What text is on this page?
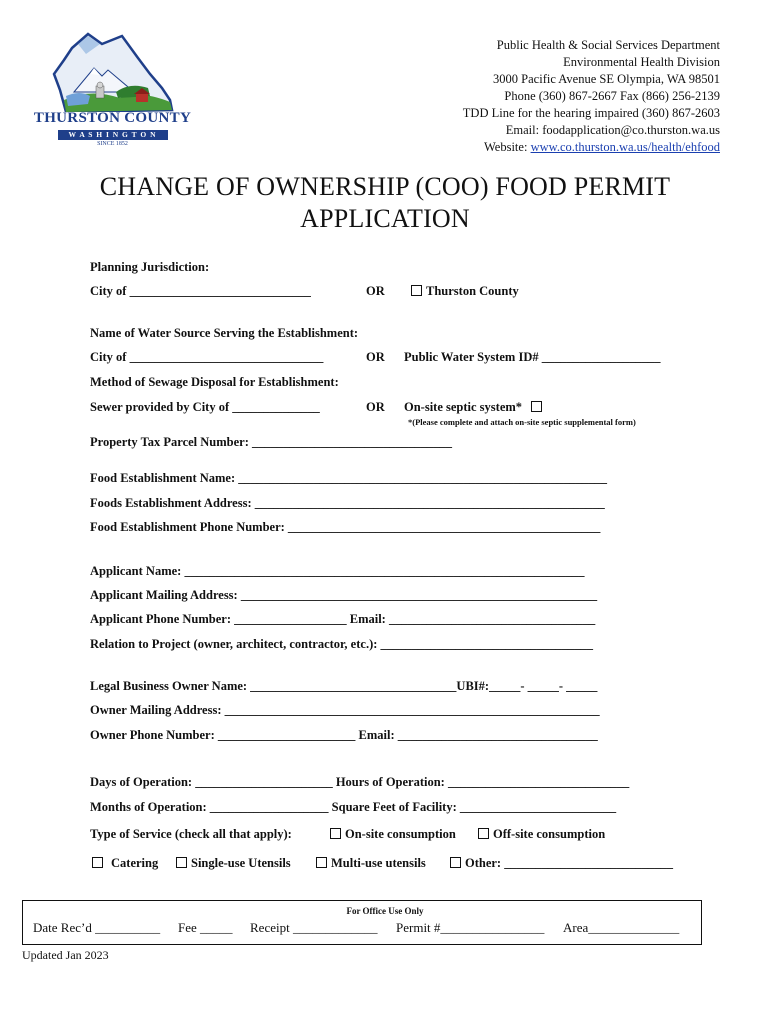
THURSTON COUNTY
W A S H I N G T O N
SINCE 1852
Public Health & Social Services Department
Environmental Health Division
3000 Pacific Avenue SE Olympia, WA 98501
Phone (360) 867-2667 Fax (866) 256-2139
TDD Line for the hearing impaired (360) 867-2603
Email: foodapplication@co.thurston.wa.us
Website: www.co.thurston.wa.us/health/ehfood
CHANGE OF OWNERSHIP (COO) FOOD PERMIT
APPLICATION
Planning Jurisdiction:
City of _____________________________	OR	Thurston County
Name of Water Source Serving the Establishment:
City of _______________________________	OR Public Water System ID# ___________________
Method of Sewage Disposal for Establishment:
Sewer provided by City of ______________	OR On-site septic system*
*(Please complete and attach on-site septic supplemental form)
Property Tax Parcel Number: ________________________________
Food Establishment Name: ___________________________________________________________
Foods Establishment Address: ________________________________________________________
Food Establishment Phone Number: __________________________________________________
Applicant Name: ________________________________________________________________
Applicant Mailing Address: _________________________________________________________
Applicant Phone Number: __________________ Email: _________________________________
Relation to Project (owner, architect, contractor, etc.): __________________________________
Legal Business Owner Name: _________________________________UBI#:_____- _____- _____
Owner Mailing Address: ____________________________________________________________
Owner Phone Number: ______________________ Email: ________________________________
Days of Operation: ______________________ Hours of Operation: _____________________________
Months of Operation: ___________________ Square Feet of Facility: _________________________
Type of Service (check all that apply):	On-site consumption	Off-site consumption
Catering	Single-use Utensils	Multi-use utensils	Other: ___________________________
For Office Use Only
Date Rec’d __________ Fee _____ Receipt _____________ Permit #________________ Area______________
Updated Jan 2023
